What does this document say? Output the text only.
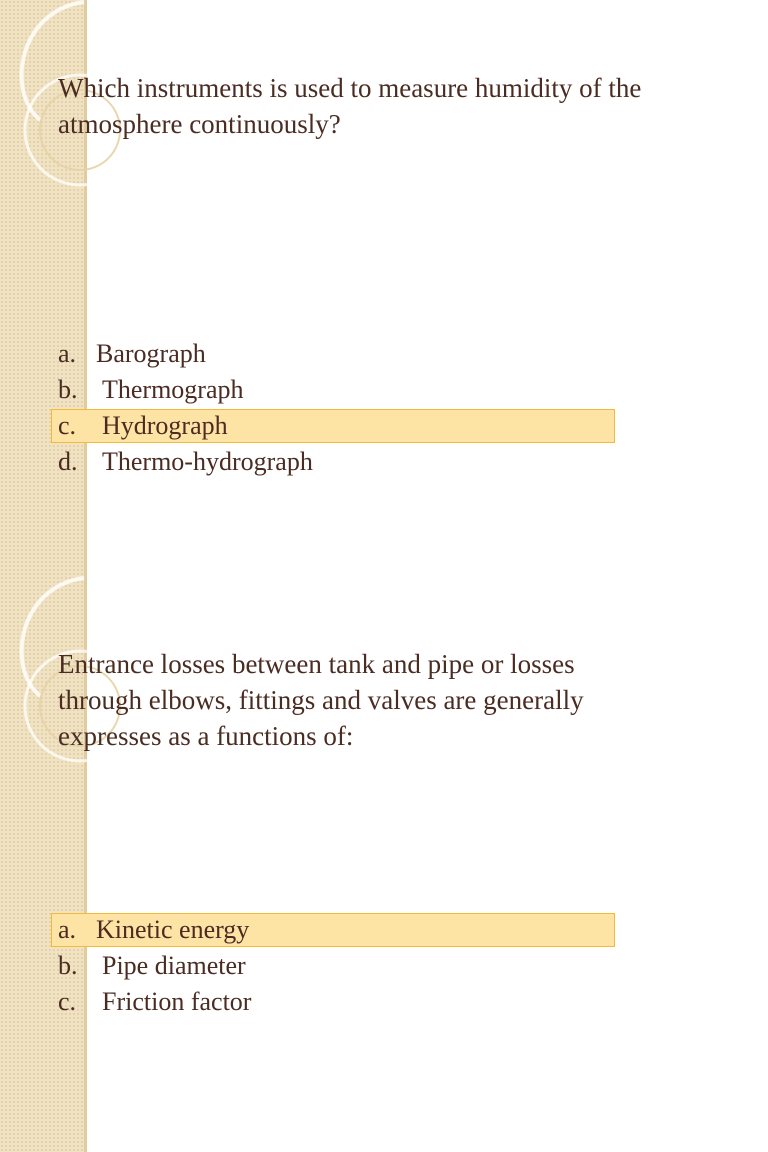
Which instruments is used to measure humidity of the atmosphere continuously?

a. Barograph
b. Thermograph
c. Hydrograph
d. Thermo-hydrograph

Entrance losses between tank and pipe or losses through elbows, fittings and valves are generally expresses as a functions of:

a. Kinetic energy
b. Pipe diameter
c. Friction factor
